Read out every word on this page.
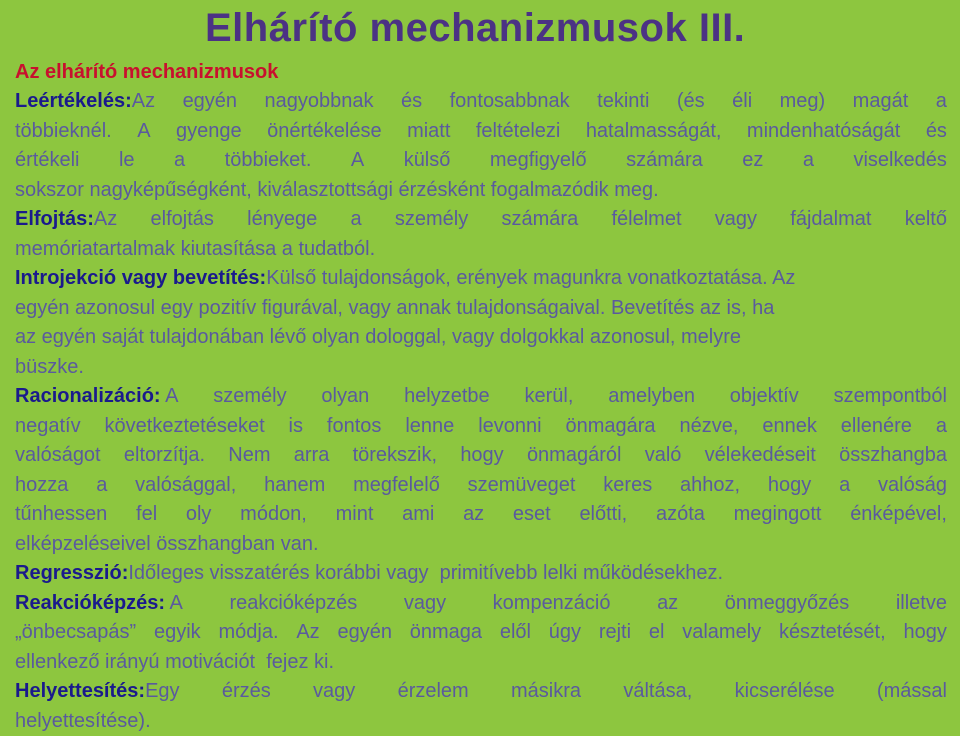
Elhárító mechanizmusok III.
Az elhárító mechanizmusok
Leértékelés:Az egyén nagyobbnak és fontosabbnak tekinti (és éli meg) magát a
többieknél. A gyenge önértékelése miatt feltételezi hatalmasságát, mindenhatóságát és
értékeli le a többieket. A külső megfigyelő számára ez a viselkedés
sokszor nagyképűségként, kiválasztottsági érzésként fogalmazódik meg.
Elfojtás:Az elfojtás lényege a személy számára félelmet vagy fájdalmat keltő
memóriatartalmak kiutasítása a tudatból.
Introjekció vagy bevetítés:Külső tulajdonságok, erények magunkra vonatkoztatása. Az
egyén azonosul egy pozitív figurával, vagy annak tulajdonságaival. Bevetítés az is, ha
az egyén saját tulajdonában lévő olyan dologgal, vagy dolgokkal azonosul, melyre
büszke.
Racionalizáció: A személy olyan helyzetbe kerül, amelyben objektív szempontból
negatív következtetéseket is fontos lenne levonni önmagára nézve, ennek ellenére a
valóságot eltorzítja. Nem arra törekszik, hogy önmagáról való vélekedéseit összhangba
hozza a valósággal, hanem megfelelő szemüveget keres ahhoz, hogy a valóság
tűnhessen fel oly módon, mint ami az eset előtti, azóta megingott énképével,
elképzeléseivel összhangban van.
Regresszió:Időleges visszatérés korábbi vagy  primitívebb lelki működésekhez.
Reakcióképzés: A reakcióképzés vagy kompenzáció az önmeggyőzés illetve
„önbecsapás” egyik módja. Az egyén önmaga elől úgy rejti el valamely késztetését, hogy
ellenkező irányú motivációt  fejez ki.
Helyettesítés:Egy érzés vagy érzelem másikra váltása, kicserélése (mással
helyettesítése).
